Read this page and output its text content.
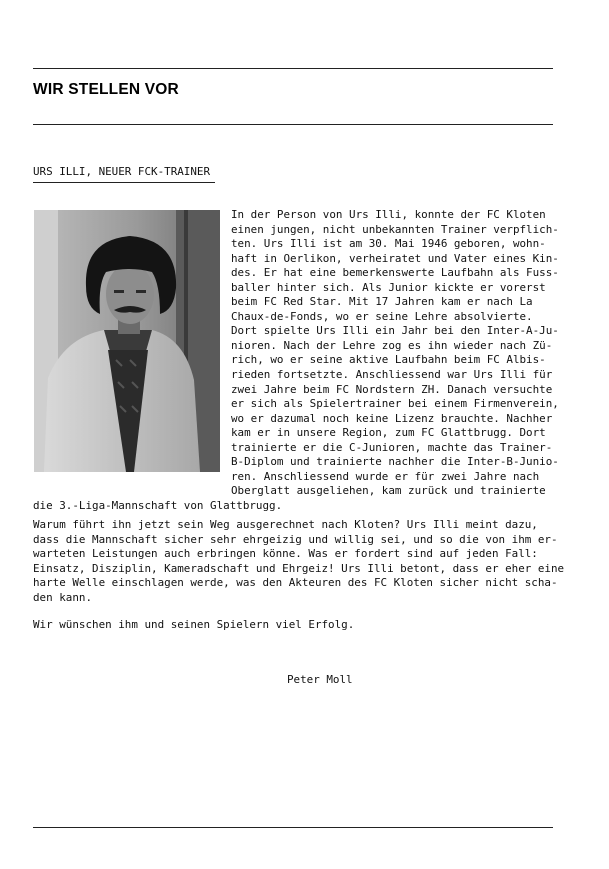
WIR STELLEN VOR
URS ILLI, NEUER FCK-TRAINER
In der Person von Urs Illi, konnte der FC Kloten
einen jungen, nicht unbekannten Trainer verpflich-
ten. Urs Illi ist am 30. Mai 1946 geboren, wohn-
haft in Oerlikon, verheiratet und Vater eines Kin-
des. Er hat eine bemerkenswerte Laufbahn als Fuss-
baller hinter sich. Als Junior kickte er vorerst
beim FC Red Star. Mit 17 Jahren kam er nach La
Chaux-de-Fonds, wo er seine Lehre absolvierte.
Dort spielte Urs Illi ein Jahr bei den Inter-A-Ju-
nioren. Nach der Lehre zog es ihn wieder nach Zü-
rich, wo er seine aktive Laufbahn beim FC Albis-
rieden fortsetzte. Anschliessend war Urs Illi für
zwei Jahre beim FC Nordstern ZH. Danach versuchte
er sich als Spielertrainer bei einem Firmenverein,
wo er dazumal noch keine Lizenz brauchte. Nachher
kam er in unsere Region, zum FC Glattbrugg. Dort
trainierte er die C-Junioren, machte das Trainer-
B-Diplom und trainierte nachher die Inter-B-Junio-
ren. Anschliessend wurde er für zwei Jahre nach
Oberglatt ausgeliehen, kam zurück und trainierte
die 3.-Liga-Mannschaft von Glattbrugg.
Warum führt ihn jetzt sein Weg ausgerechnet nach Kloten? Urs Illi meint dazu,
dass die Mannschaft sicher sehr ehrgeizig und willig sei, und so die von ihm er-
warteten Leistungen auch erbringen könne. Was er fordert sind auf jeden Fall:
Einsatz, Disziplin, Kameradschaft und Ehrgeiz! Urs Illi betont, dass er eher eine
harte Welle einschlagen werde, was den Akteuren des FC Kloten sicher nicht scha-
den kann.
Wir wünschen ihm und seinen Spielern viel Erfolg.
Peter Moll
